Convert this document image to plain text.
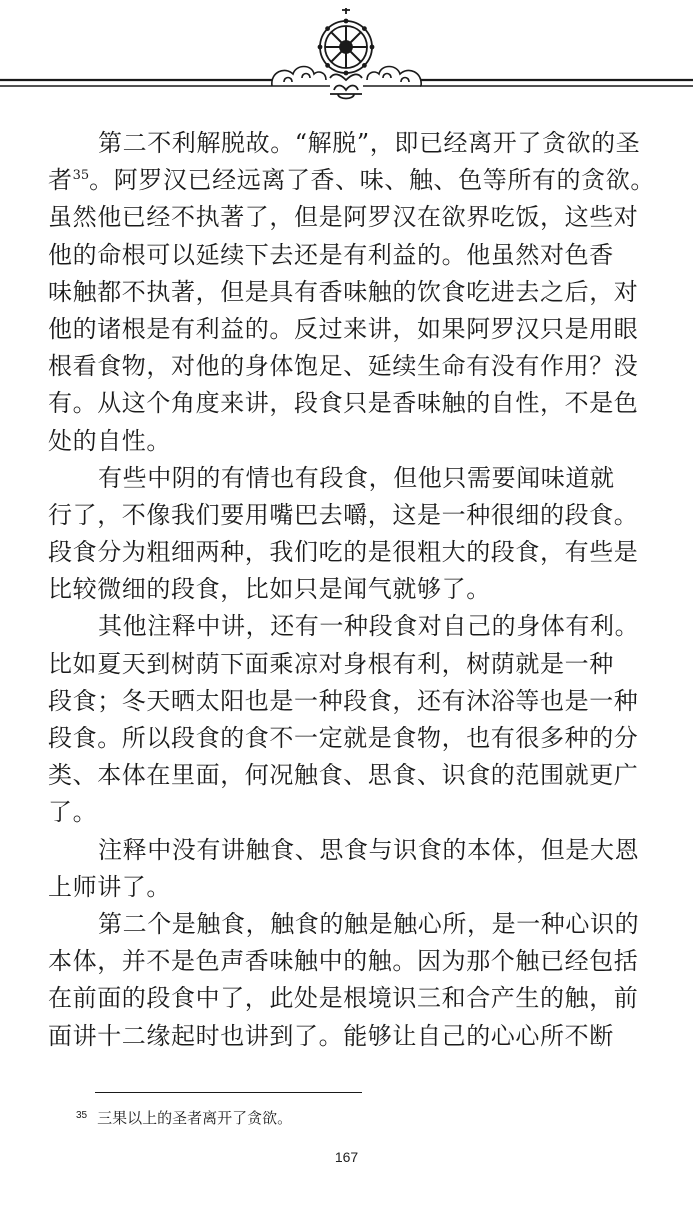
第二不利解脱故。“解脱”，即已经离开了贪欲的圣
者$^{35}$。阿罗汉已经远离了香、味、触、色等所有的贪欲。
虽然他已经不执著了，但是阿罗汉在欲界吃饭，这些对
他的命根可以延续下去还是有利益的。他虽然对色香
味触都不执著，但是具有香味触的饮食吃进去之后，对
他的诸根是有利益的。反过来讲，如果阿罗汉只是用眼
根看食物，对他的身体饱足、延续生命有没有作用？没
有。从这个角度来讲，段食只是香味触的自性，不是色
处的自性。
有些中阴的有情也有段食，但他只需要闻味道就
行了，不像我们要用嘴巴去嚼，这是一种很细的段食。
段食分为粗细两种，我们吃的是很粗大的段食，有些是
比较微细的段食，比如只是闻气就够了。
其他注释中讲，还有一种段食对自己的身体有利。
比如夏天到树荫下面乘凉对身根有利，树荫就是一种
段食；冬天晒太阳也是一种段食，还有沐浴等也是一种
段食。所以段食的食不一定就是食物，也有很多种的分
类、本体在里面，何况触食、思食、识食的范围就更广
了。
注释中没有讲触食、思食与识食的本体，但是大恩
上师讲了。
第二个是触食，触食的触是触心所，是一种心识的
本体，并不是色声香味触中的触。因为那个触已经包括
在前面的段食中了，此处是根境识三和合产生的触，前
面讲十二缘起时也讲到了。能够让自己的心心所不断
$^{35}$ 三果以上的圣者离开了贪欲。
167
